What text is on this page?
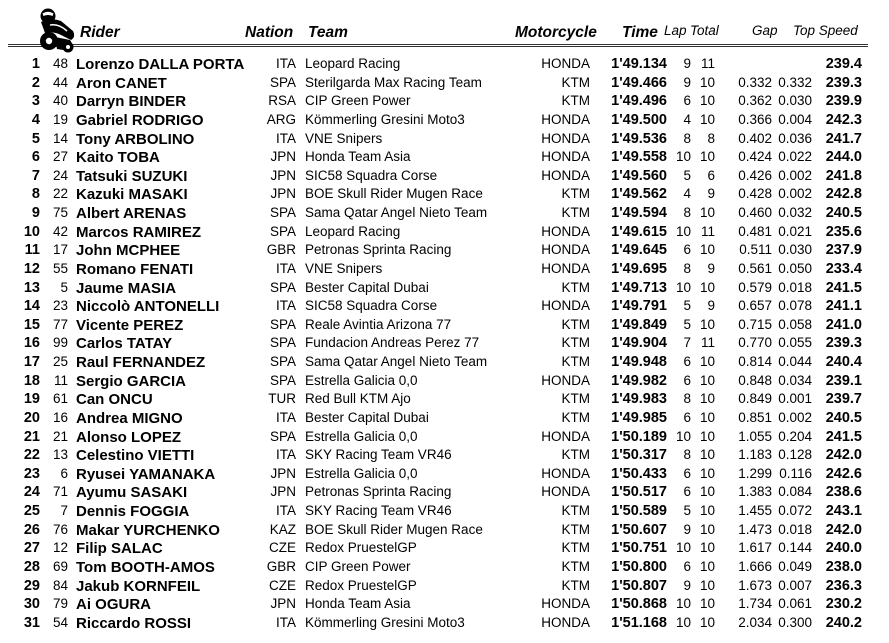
Rider	Nation Team	Motorcycle Time Lap Total Gap Top Speed
1 48 Lorenzo DALLA PORTA	ITA Leopard Racing	HONDA	1'49.134	9 11	239.4
2 44 Aron CANET	SPA Sterilgarda Max Racing Team	KTM	1'49.466	9 10	0.332 0.332 239.3
3 40 Darryn BINDER	RSA CIP Green Power	KTM	1'49.496	6 10	0.362 0.030 239.9
4 19 Gabriel RODRIGO	ARG Kömmerling Gresini Moto3	HONDA	1'49.500	4 10	0.366 0.004 242.3
5 14 Tony ARBOLINO	ITA VNE Snipers	HONDA	1'49.536	8	8	0.402 0.036 241.7
6 27 Kaito TOBA	JPN Honda Team Asia	HONDA	1'49.558 10 10	0.424 0.022 244.0
7 24 Tatsuki SUZUKI	JPN SIC58 Squadra Corse	HONDA	1'49.560	5	6	0.426 0.002 241.8
8 22 Kazuki MASAKI	JPN BOE Skull Rider Mugen Race	KTM	1'49.562	4	9	0.428 0.002 242.8
9 75 Albert ARENAS	SPA Sama Qatar Angel Nieto Team	KTM	1'49.594	8 10	0.460 0.032 240.5
10 42 Marcos RAMIREZ	SPA Leopard Racing	HONDA	1'49.615 10 11	0.481 0.021 235.6
11 17 John MCPHEE	GBR Petronas Sprinta Racing	HONDA	1'49.645	6 10	0.511 0.030 237.9
12 55 Romano FENATI	ITA VNE Snipers	HONDA	1'49.695	8	9	0.561 0.050 233.4
13	5 Jaume MASIA	SPA Bester Capital Dubai	KTM	1'49.713 10 10	0.579 0.018 241.5
14 23 Niccolò ANTONELLI	ITA SIC58 Squadra Corse	HONDA	1'49.791	5	9	0.657 0.078 241.1
15 77 Vicente PEREZ	SPA Reale Avintia Arizona 77	KTM	1'49.849	5 10	0.715 0.058 241.0
16 99 Carlos TATAY	SPA Fundacion Andreas Perez 77	KTM	1'49.904	7 11	0.770 0.055 239.3
17 25 Raul FERNANDEZ	SPA Sama Qatar Angel Nieto Team	KTM	1'49.948	6 10	0.814 0.044 240.4
18	11 Sergio GARCIA	SPA Estrella Galicia 0,0	HONDA	1'49.982	6 10	0.848 0.034 239.1
19 61 Can ONCU	TUR Red Bull KTM Ajo	KTM	1'49.983	8 10	0.849 0.001 239.7
20 16 Andrea MIGNO	ITA Bester Capital Dubai	KTM	1'49.985	6 10	0.851 0.002 240.5
21 21 Alonso LOPEZ	SPA Estrella Galicia 0,0	HONDA	1'50.189 10 10	1.055 0.204 241.5
22 13 Celestino VIETTI	ITA SKY Racing Team VR46	KTM	1'50.317	8 10	1.183 0.128 242.0
23	6 Ryusei YAMANAKA	JPN Estrella Galicia 0,0	HONDA	1'50.433	6 10	1.299 0.116 242.6
24 71 Ayumu SASAKI	JPN Petronas Sprinta Racing	HONDA	1'50.517	6 10	1.383 0.084 238.6
25	7 Dennis FOGGIA	ITA SKY Racing Team VR46	KTM	1'50.589	5 10	1.455 0.072 243.1
26 76 Makar YURCHENKO	KAZ BOE Skull Rider Mugen Race	KTM	1'50.607	9 10	1.473 0.018 242.0
27 12 Filip SALAC	CZE Redox PruestelGP	KTM	1'50.751 10 10	1.617 0.144 240.0
28 69 Tom BOOTH-AMOS	GBR CIP Green Power	KTM	1'50.800	6 10	1.666 0.049 238.0
29 84 Jakub KORNFEIL	CZE Redox PruestelGP	KTM	1'50.807	9 10	1.673 0.007 236.3
30 79 Ai OGURA	JPN Honda Team Asia	HONDA	1'50.868 10 10	1.734 0.061 230.2
31 54 Riccardo ROSSI	ITA Kömmerling Gresini Moto3	HONDA	1'51.168 10 10	2.034 0.300 240.2
